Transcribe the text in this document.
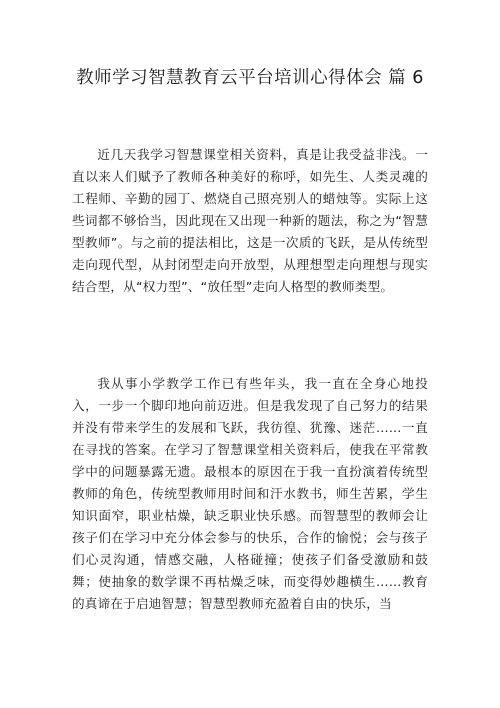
教师学习智慧教育云平台培训心得体会 篇 6

近几天我学习智慧课堂相关资料，真是让我受益非浅。一直以来人们赋予了教师各种美好的称呼，如先生、人类灵魂的工程师、辛勤的园丁、燃烧自己照亮别人的蜡烛等。实际上这些词都不够恰当，因此现在又出现一种新的题法，称之为“智慧型教师”。与之前的提法相比，这是一次质的飞跃，是从传统型走向现代型，从封闭型走向开放型，从理想型走向理想与现实结合型，从“权力型”、“放任型”走向人格型的教师类型。

我从事小学教学工作已有些年头，我一直在全身心地投入，一步一个脚印地向前迈进。但是我发现了自己努力的结果并没有带来学生的发展和飞跃，我彷徨、犹豫、迷茫……一直在寻找的答案。在学习了智慧课堂相关资料后，使我在平常教学中的问题暴露无遗。最根本的原因在于我一直扮演着传统型教师的角色，传统型教师用时间和汗水教书，师生苦累，学生知识面窄，职业枯燥，缺乏职业快乐感。而智慧型的教师会让孩子们在学习中充分体会参与的快乐，合作的愉悦；会与孩子们心灵沟通，情感交融，人格碰撞；使孩子们备受激励和鼓舞；使抽象的数学课不再枯燥乏味，而变得妙趣横生……教育的真谛在于启迪智慧；智慧型教师充盈着自由的快乐，当
